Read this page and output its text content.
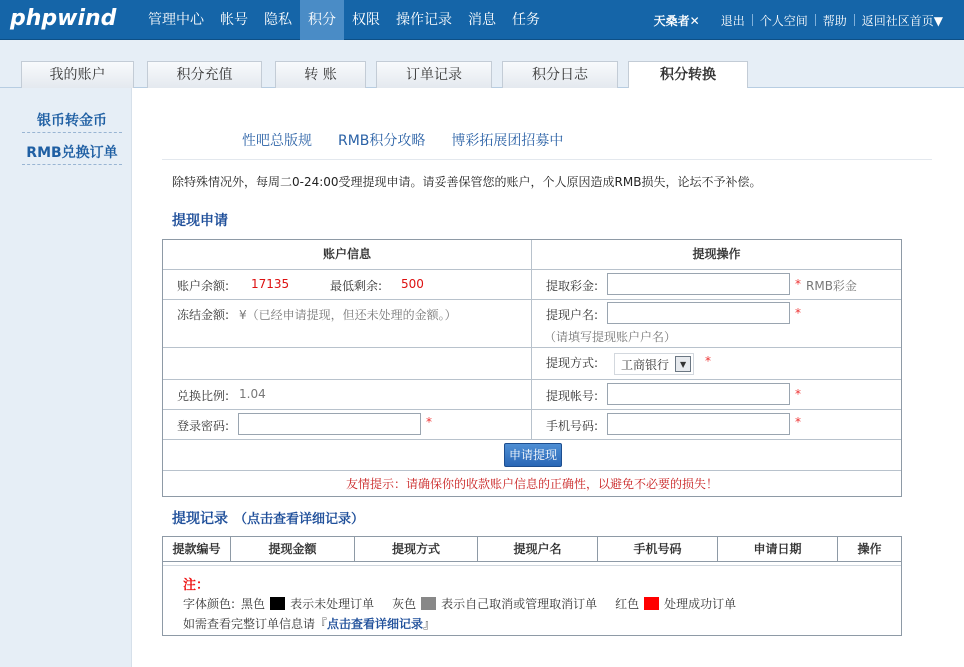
phpwind	管理中心	帐号	隐私	积分	权限	操作记录	消息	任务	天桑者✕	退出	个人空间	帮助	返回社区首页▼
我的账户	积分充值	转 账	订单记录	积分日志	积分转换
银币转金币
RMB兑换订单
性吧总版规 RMB积分攻略 博彩拓展团招募中
除特殊情况外，每周二0-24:00受理提现申请。请妥善保管您的账户，个人原因造成RMB损失，论坛不予补偿。
提现申请
账户信息	提现操作
账户余额: 17135	最低剩余: 500	提取彩金:	* RMB彩金
冻结金额: ¥（已经申请提现，但还未处理的金额。）	提现户名:	*
（请填写提现账户户名）
提现方式: 工商银行	▼	*
兑换比例: 1.04	提现帐号:	*
登录密码:	*	手机号码:	*
申请提现
友情提示：请确保你的收款账户信息的正确性，以避免不必要的损失！
提现记录 （点击查看详细记录）
提款编号	提现金额	提现方式	提现户名	手机号码	申请日期	操作
注：
字体颜色: 黑色 表示未处理订单 灰色 表示自己取消或管理取消订单 红色 处理成功订单
如需查看完整订单信息请『点击查看详细记录』
